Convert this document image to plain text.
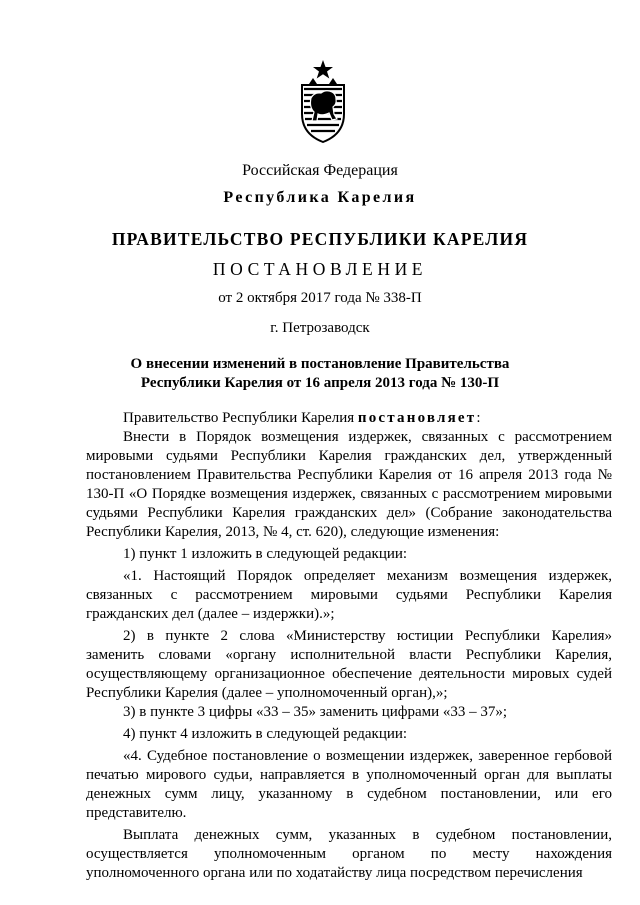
Российская Федерация
Республика Карелия
ПРАВИТЕЛЬСТВО РЕСПУБЛИКИ КАРЕЛИЯ
ПОСТАНОВЛЕНИЕ
от 2 октября 2017 года № 338-П
г. Петрозаводск
О внесении изменений в постановление Правительства
Республики Карелия от 16 апреля 2013 года № 130-П

Правительство Республики Карелия постановляет:

Внести в Порядок возмещения издержек, связанных с рассмотрением мировыми судьями Республики Карелия гражданских дел, утвержденный постановлением Правительства Республики Карелия от 16 апреля 2013 года № 130-П «О Порядке возмещения издержек, связанных с рассмотрением мировыми судьями Республики Карелия гражданских дел» (Собрание законодательства Республики Карелия, 2013, № 4, ст. 620), следующие изменения:

1) пункт 1 изложить в следующей редакции:

«1. Настоящий Порядок определяет механизм возмещения издержек, связанных с рассмотрением мировыми судьями Республики Карелия гражданских дел (далее – издержки).»;

2) в пункте 2 слова «Министерству юстиции Республики Карелия» заменить словами «органу исполнительной власти Республики Карелия, осуществляющему организационное обеспечение деятельности мировых судей Республики Карелия (далее – уполномоченный орган),»;

3) в пункте 3 цифры «33 – 35» заменить цифрами «33 – 37»;

4) пункт 4 изложить в следующей редакции:

«4. Судебное постановление о возмещении издержек, заверенное гербовой печатью мирового судьи, направляется в уполномоченный орган для выплаты денежных сумм лицу, указанному в судебном постановлении, или его представителю.

Выплата денежных сумм, указанных в судебном постановлении, осуществляется уполномоченным органом по месту нахождения уполномоченного органа или по ходатайству лица посредством перечисления
